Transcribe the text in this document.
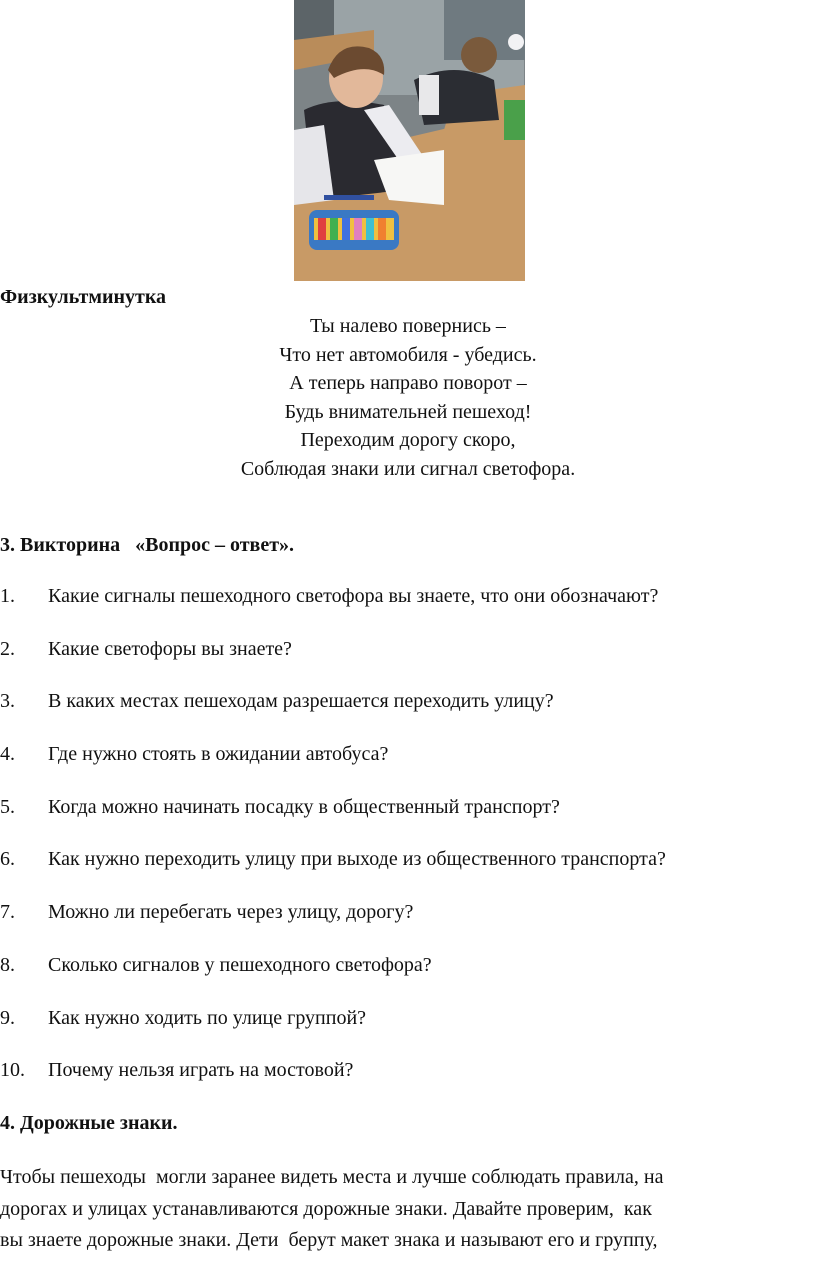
Физкультминутка
Ты налево повернись –
Что нет автомобиля - убедись.
А теперь направо поворот –
Будь внимательней пешеход!
Переходим дорогу скоро,
Соблюдая знаки или сигнал светофора.
3. Викторина   «Вопрос – ответ».
1. Какие сигналы пешеходного светофора вы знаете, что они обозначают?
2. Какие светофоры вы знаете?
3. В каких местах пешеходам разрешается переходить улицу?
4. Где нужно стоять в ожидании автобуса?
5. Когда можно начинать посадку в общественный транспорт?
6. Как нужно переходить улицу при выходе из общественного транспорта?
7. Можно ли перебегать через улицу, дорогу?
8. Сколько сигналов у пешеходного светофора?
9. Как нужно ходить по улице группой?
10. Почему нельзя играть на мостовой?
4. Дорожные знаки.
Чтобы пешеходы  могли заранее видеть места и лучше соблюдать правила, на
дорогах и улицах устанавливаются дорожные знаки. Давайте проверим,  как
вы знаете дорожные знаки. Дети  берут макет знака и называют его и группу,
